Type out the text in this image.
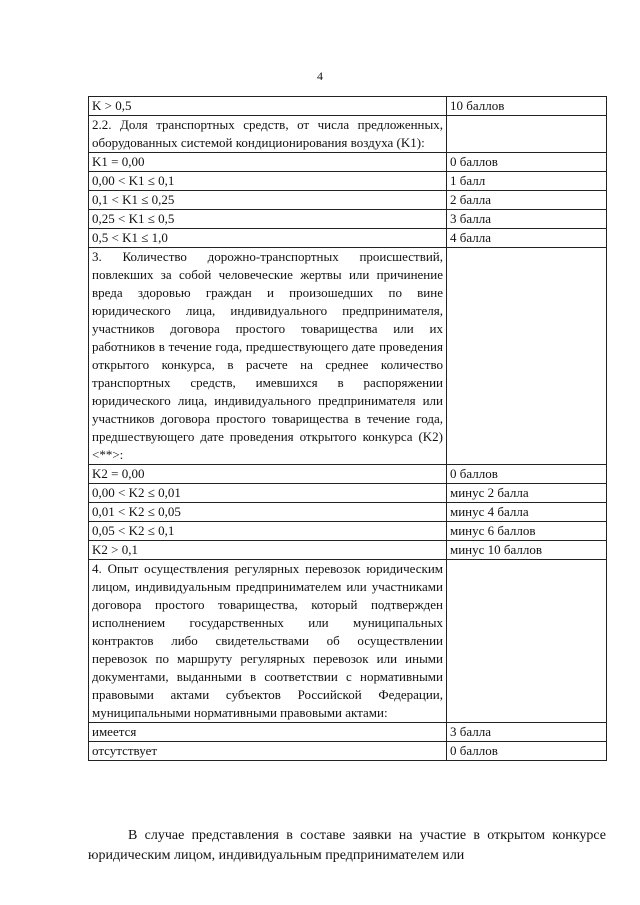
4
K > 0,5	10 баллов
2.2. Доля транспортных средств, от числа предложенных, оборудованных системой кондиционирования воздуха (K1):	
K1 = 0,00	0 баллов
0,00 < K1 ≤ 0,1	1 балл
0,1 < K1 ≤ 0,25	2 балла
0,25 < K1 ≤ 0,5	3 балла
0,5 < K1 ≤ 1,0	4 балла
3. Количество дорожно-транспортных происшествий, повлекших за собой человеческие жертвы или причинение вреда здоровью граждан и произошедших по вине юридического лица, индивидуального предпринимателя, участников договора простого товарищества или их работников в течение года, предшествующего дате проведения открытого конкурса, в расчете на среднее количество транспортных средств, имевшихся в распоряжении юридического лица, индивидуального предпринимателя или участников договора простого товарищества в течение года, предшествующего дате проведения открытого конкурса (K2) <**>:	
K2 = 0,00	0 баллов
0,00 < K2 ≤ 0,01	минус 2 балла
0,01 < K2 ≤ 0,05	минус 4 балла
0,05 < K2 ≤ 0,1	минус 6 баллов
K2 > 0,1	минус 10 баллов
4. Опыт осуществления регулярных перевозок юридическим лицом, индивидуальным предпринимателем или участниками договора простого товарищества, который подтвержден исполнением государственных или муниципальных контрактов либо свидетельствами об осуществлении перевозок по маршруту регулярных перевозок или иными документами, выданными в соответствии с нормативными правовыми актами субъектов Российской Федерации, муниципальными нормативными правовыми актами:	
имеется	3 балла
отсутствует	0 баллов

В случае представления в составе заявки на участие в открытом конкурсе юридическим лицом, индивидуальным предпринимателем или
